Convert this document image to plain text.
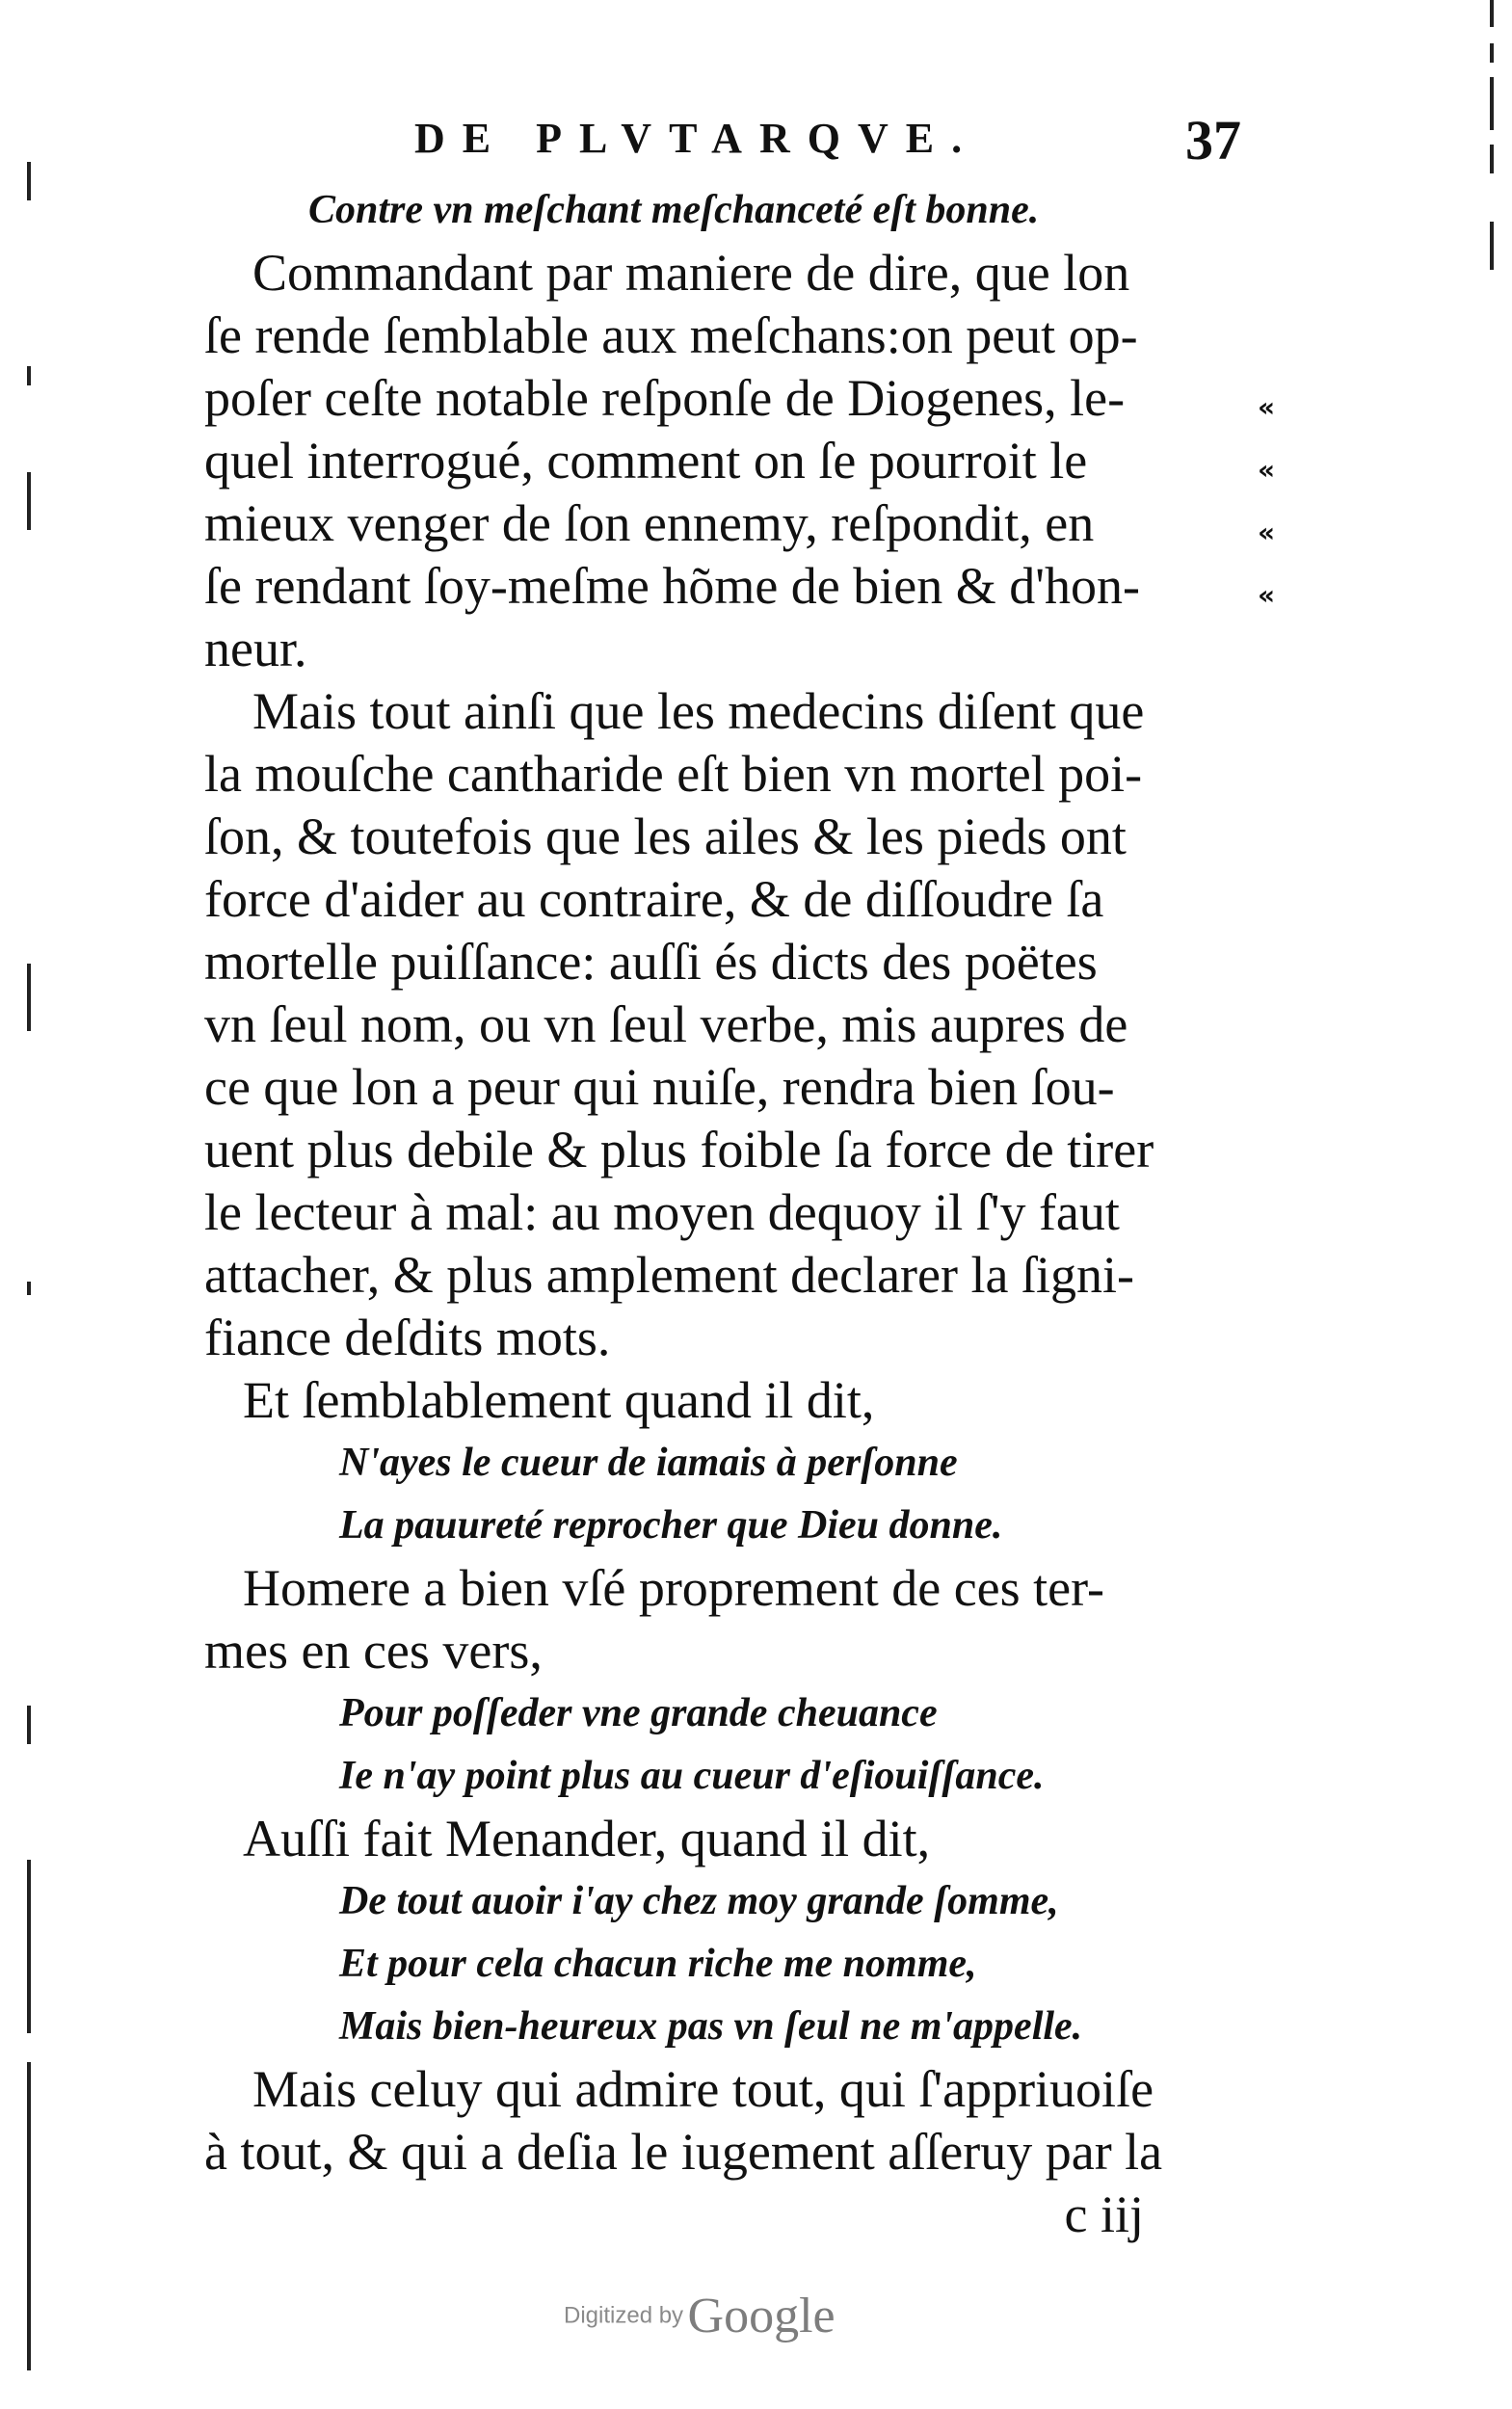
DE PLVTARQVE.	37
«
«
«
«
Contre vn meſchant meſchanceté eſt bonne.
Commandant par maniere de dire, que lon
ſe rende ſemblable aux meſchans:on peut op-
poſer ceſte notable reſponſe de Diogenes, le-
quel interrogué, comment on ſe pourroit le
mieux venger de ſon ennemy, reſpondit, en
ſe rendant ſoy-meſme hõme de bien & d'hon-
neur.
Mais tout ainſi que les medecins diſent que
la mouſche cantharide eſt bien vn mortel poi-
ſon, & toutefois que les ailes & les pieds ont
force d'aider au contraire, & de diſſoudre ſa
mortelle puiſſance: auſſi és dicts des poëtes
vn ſeul nom, ou vn ſeul verbe, mis aupres de
ce que lon a peur qui nuiſe, rendra bien ſou-
uent plus debile & plus foible ſa force de tirer
le lecteur à mal: au moyen dequoy il ſ'y faut
attacher, & plus amplement declarer la ſigni-
fiance deſdits mots.
Et ſemblablement quand il dit,
N'ayes le cueur de iamais à perſonne
La pauureté reprocher que Dieu donne.
Homere a bien vſé proprement de ces ter-
mes en ces vers,
Pour poſſeder vne grande cheuance
Ie n'ay point plus au cueur d'eſiouiſſance.
Auſſi fait Menander, quand il dit,
De tout auoir i'ay chez moy grande ſomme,
Et pour cela chacun riche me nomme,
Mais bien-heureux pas vn ſeul ne m'appelle.
Mais celuy qui admire tout, qui ſ'appriuoiſe
à tout, & qui a deſia le iugement aſſeruy par la
c iij
Digitized by Google
